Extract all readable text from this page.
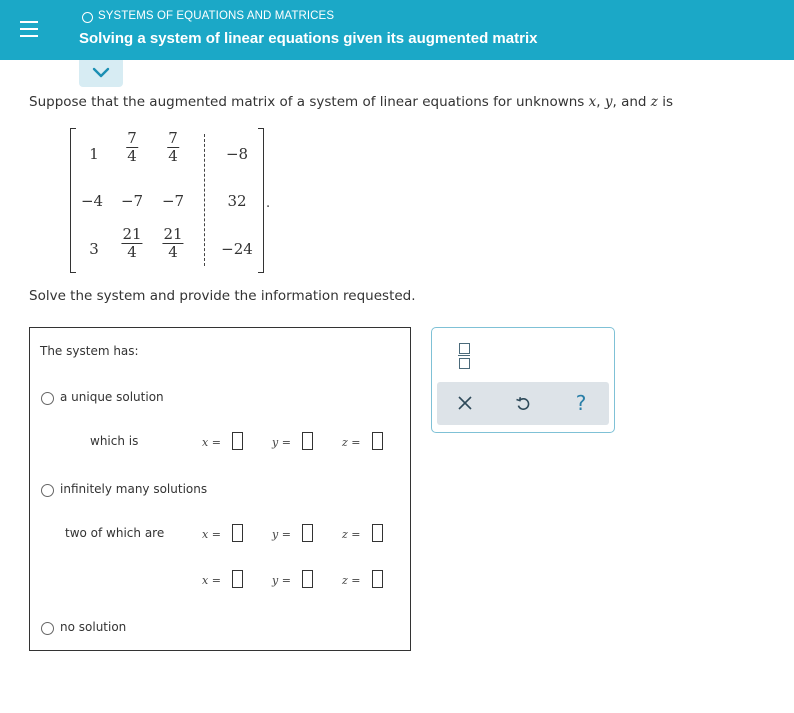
SYSTEMS OF EQUATIONS AND MATRICES
Solving a system of linear equations given its augmented matrix
Suppose that the augmented matrix of a system of linear equations for unknowns x, y, and z is
$1 \frac{7}{4} \frac{7}{4}$	−8
−4 −7 −7	32
$3 \frac{21}{4} \frac{21}{4}$	−24
.
Solve the system and provide the information requested.
The system has:
a unique solution
which is	x =	y =	z =
infinitely many solutions
two of which are	x =	y =	z =
x =	y =	z =
no solution
?
